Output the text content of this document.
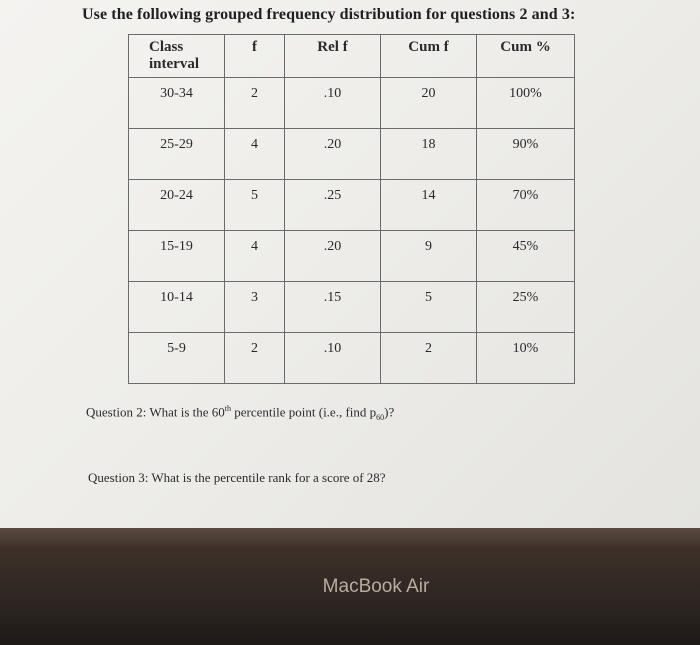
Use the following grouped frequency distribution for questions 2 and 3:
Class
interval	f	Rel f	Cum f	Cum %
30-34	2	.10	20	100%
25-29	4	.20	18	90%
20-24	5	.25	14	70%
15-19	4	.20	9	45%
10-14	3	.15	5	25%
5-9	2	.10	2	10%
Question 2: What is the 60th percentile point (i.e., find $p_{60}$)?
Question 3: What is the percentile rank for a score of 28?
MacBook Air
